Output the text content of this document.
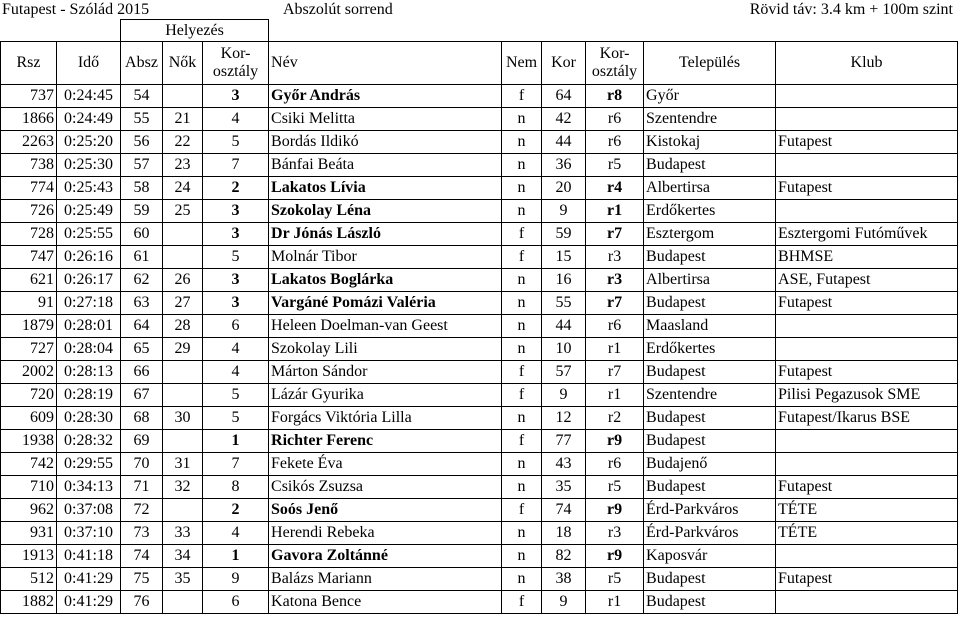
Futapest - Szólád 2015	Abszolút sorrend	Rövid táv: 3.4 km + 100m szint
		Helyezés								
Rsz	Idő	Absz	Nők	Kor-
osztály	Név	Nem	Kor	Kor-
osztály	Település	Klub
737	0:24:45	54		3	Győr András	f	64	r8	Győr	
1866	0:24:49	55	21	4	Csiki Melitta	n	42	r6	Szentendre	
2263	0:25:20	56	22	5	Bordás Ildikó	n	44	r6	Kistokaj	Futapest
738	0:25:30	57	23	7	Bánfai Beáta	n	36	r5	Budapest	
774	0:25:43	58	24	2	Lakatos Lívia	n	20	r4	Albertirsa	Futapest
726	0:25:49	59	25	3	Szokolay Léna	n	9	r1	Erdőkertes	
728	0:25:55	60		3	Dr Jónás László	f	59	r7	Esztergom	Esztergomi Futóművek
747	0:26:16	61		5	Molnár Tibor	f	15	r3	Budapest	BHMSE
621	0:26:17	62	26	3	Lakatos Boglárka	n	16	r3	Albertirsa	ASE, Futapest
91	0:27:18	63	27	3	Vargáné Pomázi Valéria	n	55	r7	Budapest	Futapest
1879	0:28:01	64	28	6	Heleen Doelman-van Geest	n	44	r6	Maasland	
727	0:28:04	65	29	4	Szokolay Lili	n	10	r1	Erdőkertes	
2002	0:28:13	66		4	Márton Sándor	f	57	r7	Budapest	Futapest
720	0:28:19	67		5	Lázár Gyurika	f	9	r1	Szentendre	Pilisi Pegazusok SME
609	0:28:30	68	30	5	Forgács Viktória Lilla	n	12	r2	Budapest	Futapest/Ikarus BSE
1938	0:28:32	69		1	Richter Ferenc	f	77	r9	Budapest	
742	0:29:55	70	31	7	Fekete Éva	n	43	r6	Budajenő	
710	0:34:13	71	32	8	Csikós Zsuzsa	n	35	r5	Budapest	Futapest
962	0:37:08	72		2	Soós Jenő	f	74	r9	Érd-Parkváros	TÉTE
931	0:37:10	73	33	4	Herendi Rebeka	n	18	r3	Érd-Parkváros	TÉTE
1913	0:41:18	74	34	1	Gavora Zoltánné	n	82	r9	Kaposvár	
512	0:41:29	75	35	9	Balázs Mariann	n	38	r5	Budapest	Futapest
1882	0:41:29	76		6	Katona Bence	f	9	r1	Budapest	
